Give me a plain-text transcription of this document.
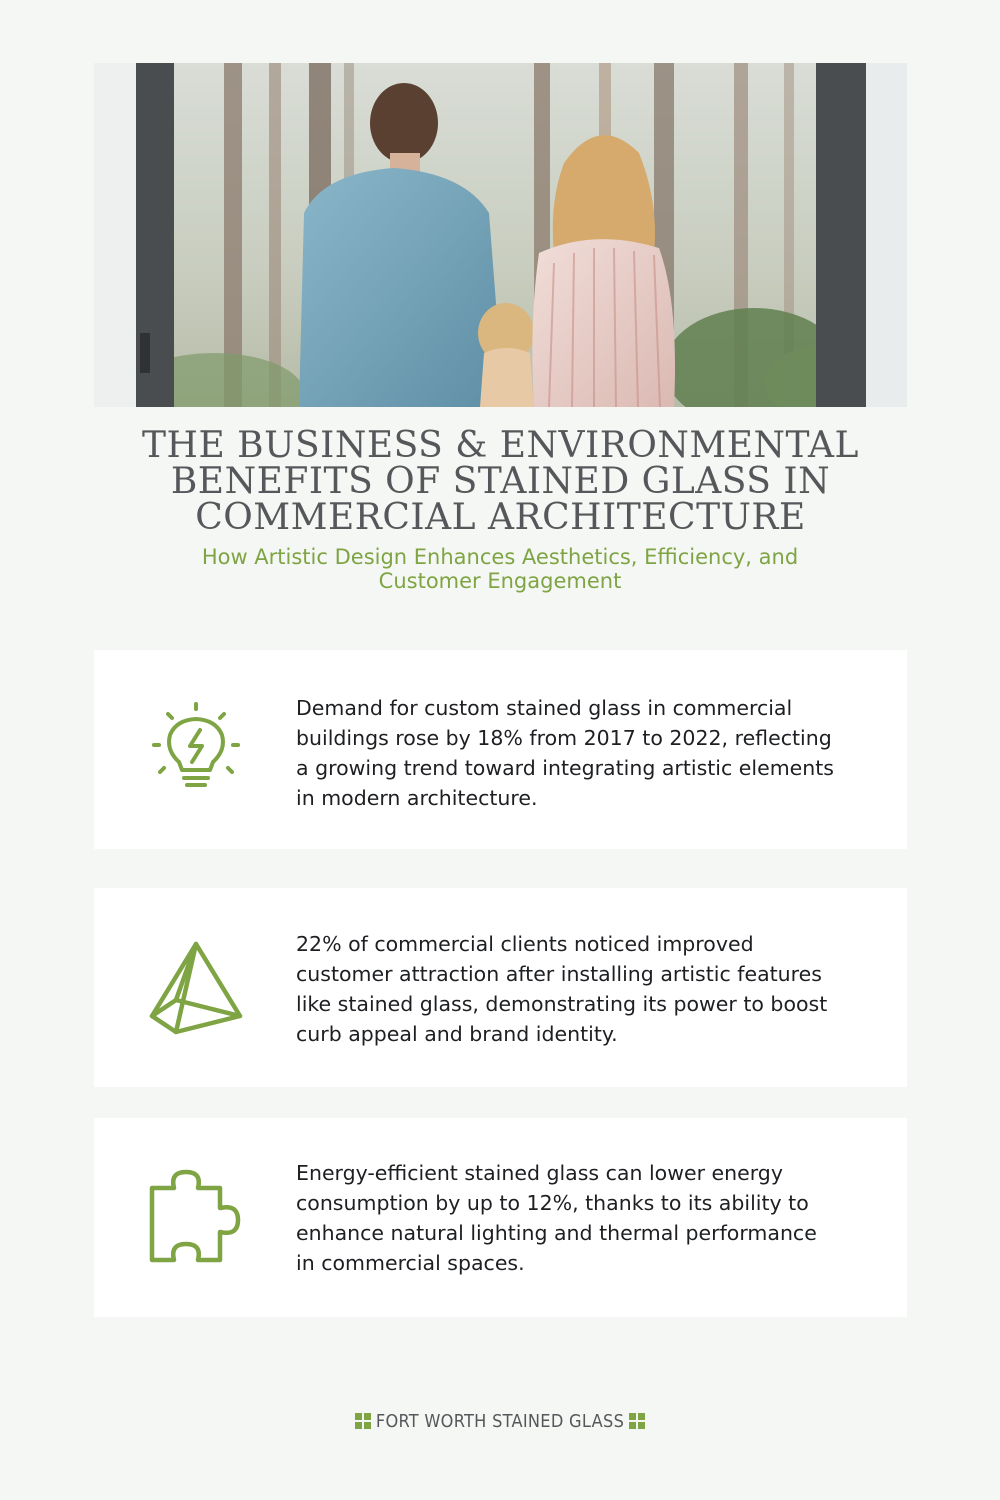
THE BUSINESS & ENVIRONMENTAL BENEFITS OF STAINED GLASS IN COMMERCIAL ARCHITECTURE

How Artistic Design Enhances Aesthetics, Efficiency, and Customer Engagement

Demand for custom stained glass in commercial buildings rose by 18% from 2017 to 2022, reflecting a growing trend toward integrating artistic elements in modern architecture.

22% of commercial clients noticed improved customer attraction after installing artistic features like stained glass, demonstrating its power to boost curb appeal and brand identity.

Energy-efficient stained glass can lower energy consumption by up to 12%, thanks to its ability to enhance natural lighting and thermal performance in commercial spaces.

FORT WORTH STAINED GLASS
